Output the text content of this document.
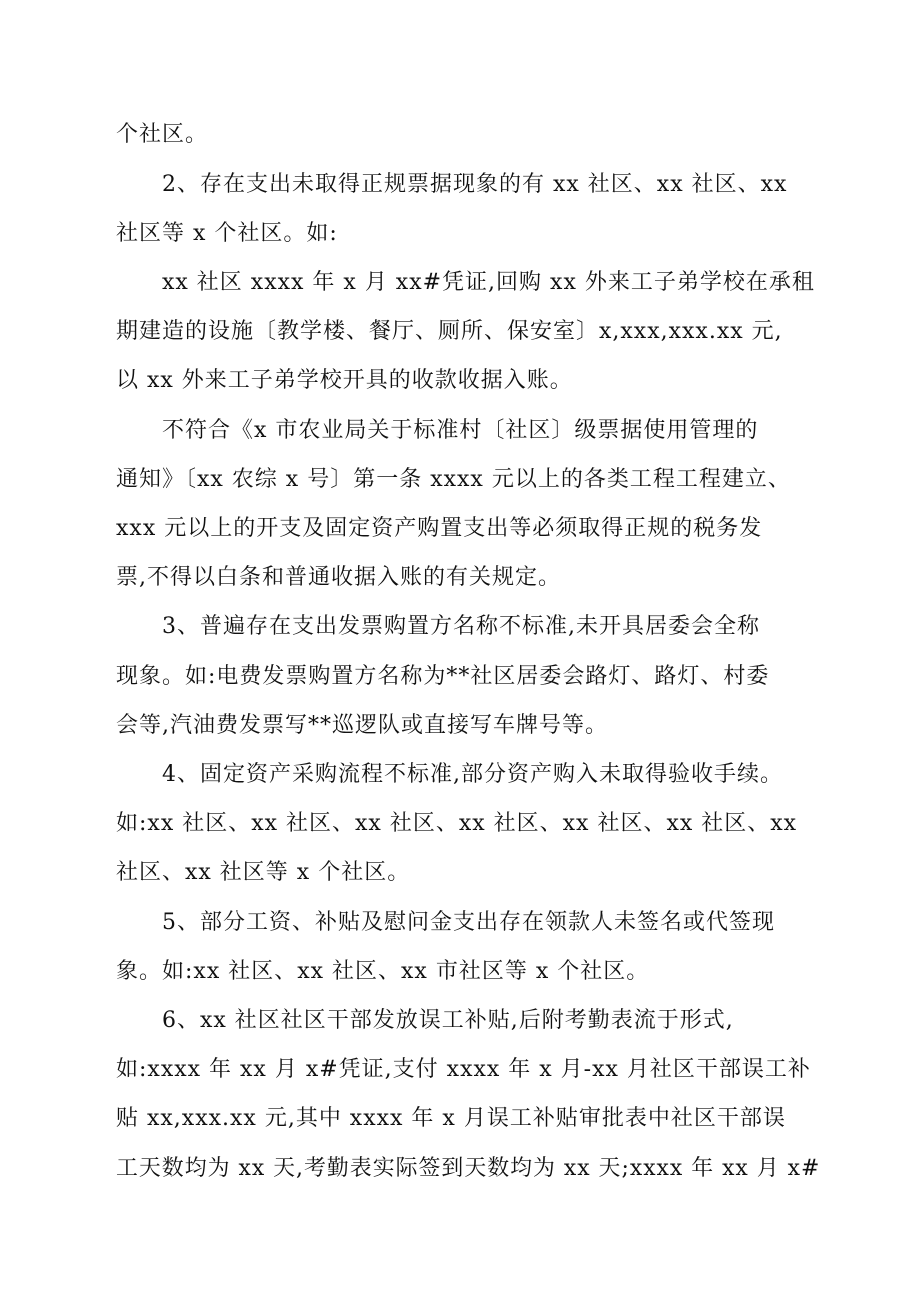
个社区。
2、存在支出未取得正规票据现象的有 xx 社区、xx 社区、xx
社区等 x 个社区。如:
xx 社区 xxxx 年 x 月 xx#凭证,回购 xx 外来工子弟学校在承租
期建造的设施〔教学楼、餐厅、厕所、保安室〕x,xxx,xxx.xx 元,
以 xx 外来工子弟学校开具的收款收据入账。
不符合《x 市农业局关于标准村〔社区〕级票据使用管理的
通知》〔xx 农综 x 号〕第一条 xxxx 元以上的各类工程工程建立、
xxx 元以上的开支及固定资产购置支出等必须取得正规的税务发
票,不得以白条和普通收据入账的有关规定。
3、普遍存在支出发票购置方名称不标准,未开具居委会全称
现象。如:电费发票购置方名称为**社区居委会路灯、路灯、村委
会等,汽油费发票写**巡逻队或直接写车牌号等。
4、固定资产采购流程不标准,部分资产购入未取得验收手续。
如:xx 社区、xx 社区、xx 社区、xx 社区、xx 社区、xx 社区、xx
社区、xx 社区等 x 个社区。
5、部分工资、补贴及慰问金支出存在领款人未签名或代签现
象。如:xx 社区、xx 社区、xx 市社区等 x 个社区。
6、xx 社区社区干部发放误工补贴,后附考勤表流于形式,
如:xxxx 年 xx 月 x#凭证,支付 xxxx 年 x 月-xx 月社区干部误工补
贴 xx,xxx.xx 元,其中 xxxx 年 x 月误工补贴审批表中社区干部误
工天数均为 xx 天,考勤表实际签到天数均为 xx 天;xxxx 年 xx 月 x#
